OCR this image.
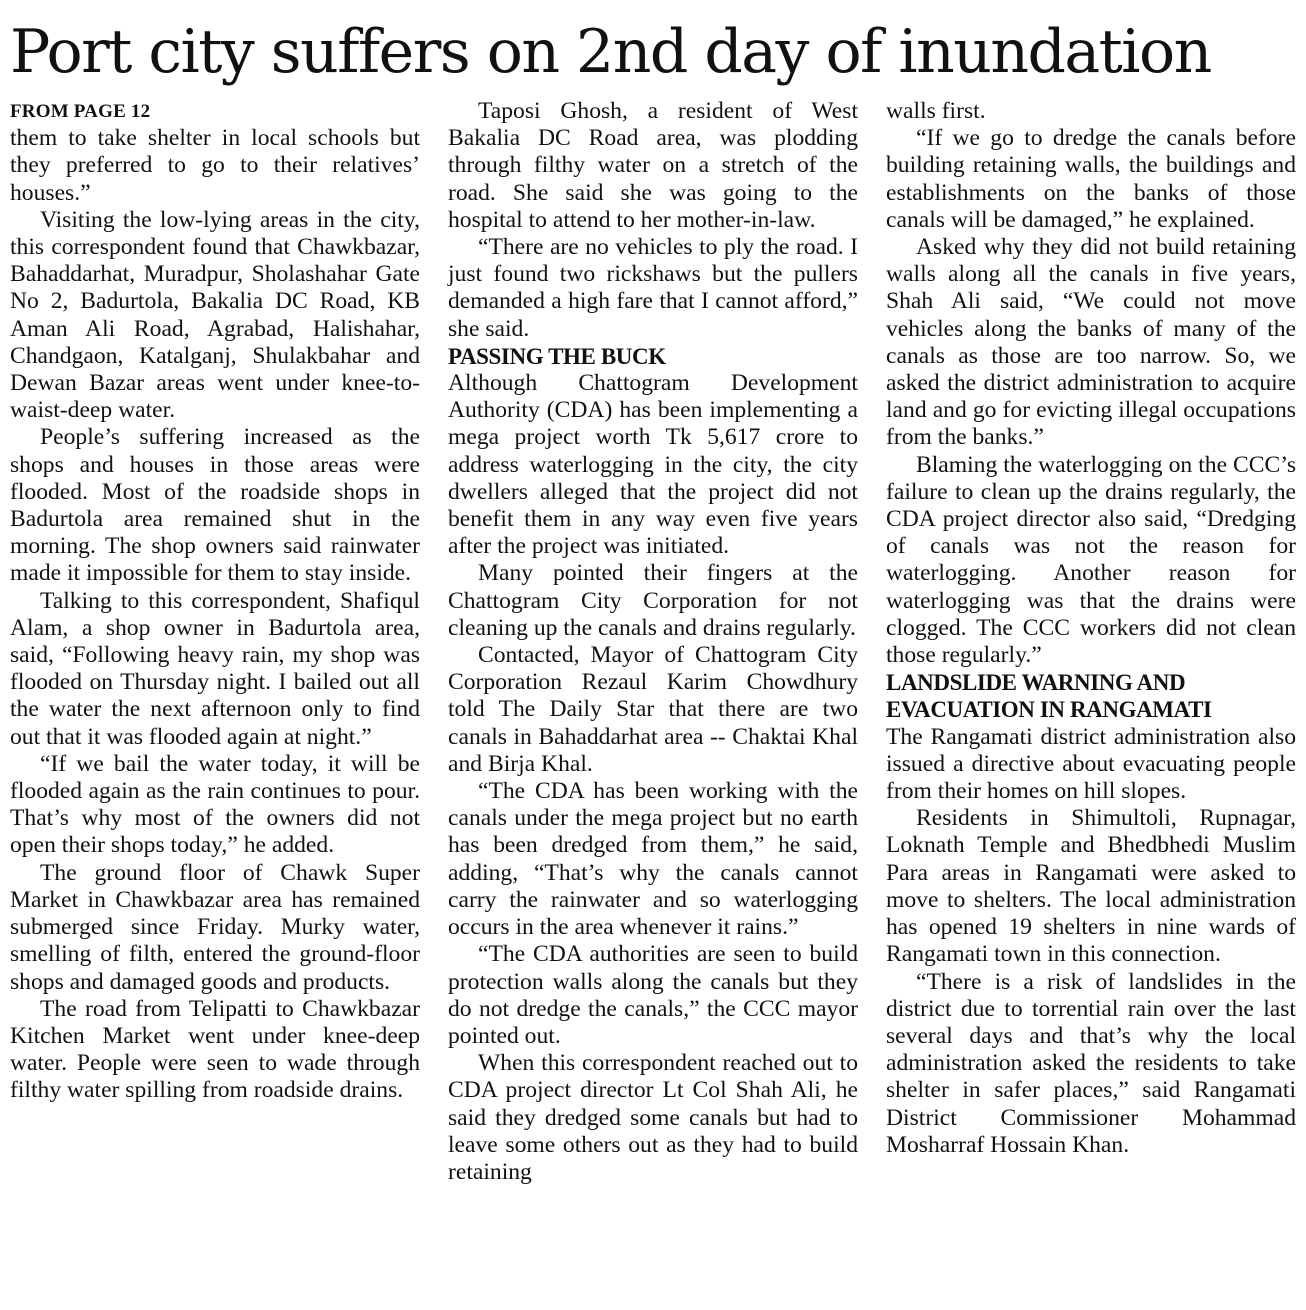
Port city suffers on 2nd day of inundation
FROM PAGE 12

them to take shelter in local schools but they preferred to go to their relatives’ houses.”

Visiting the low-lying areas in the city, this correspondent found that Chawkbazar, Bahaddarhat, Muradpur, Sholashahar Gate No 2, Badurtola, Bakalia DC Road, KB Aman Ali Road, Agrabad, Halishahar, Chandgaon, Katalganj, Shulakbahar and Dewan Bazar areas went under knee-to-waist-deep water.

People’s suffering increased as the shops and houses in those areas were flooded. Most of the roadside shops in Badurtola area remained shut in the morning. The shop owners said rainwater made it impossible for them to stay inside.

Talking to this correspondent, Shafiqul Alam, a shop owner in Badurtola area, said, “Following heavy rain, my shop was flooded on Thursday night. I bailed out all the water the next afternoon only to find out that it was flooded again at night.”

“If we bail the water today, it will be flooded again as the rain continues to pour. That’s why most of the owners did not open their shops today,” he added.

The ground floor of Chawk Super Market in Chawkbazar area has remained submerged since Friday. Murky water, smelling of filth, entered the ground-floor shops and damaged goods and products.

The road from Telipatti to Chawkbazar Kitchen Market went under knee-deep water. People were seen to wade through filthy water spilling from roadside drains.

Taposi Ghosh, a resident of West Bakalia DC Road area, was plodding through filthy water on a stretch of the road. She said she was going to the hospital to attend to her mother-in-law.

“There are no vehicles to ply the road. I just found two rickshaws but the pullers demanded a high fare that I cannot afford,” she said.

PASSING THE BUCK

Although Chattogram Development Authority (CDA) has been implementing a mega project worth Tk 5,617 crore to address waterlogging in the city, the city dwellers alleged that the project did not benefit them in any way even five years after the project was initiated.

Many pointed their fingers at the Chattogram City Corporation for not cleaning up the canals and drains regularly.

Contacted, Mayor of Chattogram City Corporation Rezaul Karim Chowdhury told The Daily Star that there are two canals in Bahaddarhat area -- Chaktai Khal and Birja Khal.

“The CDA has been working with the canals under the mega project but no earth has been dredged from them,” he said, adding, “That’s why the canals cannot carry the rainwater and so waterlogging occurs in the area whenever it rains.”

“The CDA authorities are seen to build protection walls along the canals but they do not dredge the canals,” the CCC mayor pointed out.

When this correspondent reached out to CDA project director Lt Col Shah Ali, he said they dredged some canals but had to leave some others out as they had to build retaining

walls first.

“If we go to dredge the canals before building retaining walls, the buildings and establishments on the banks of those canals will be damaged,” he explained.

Asked why they did not build retaining walls along all the canals in five years, Shah Ali said, “We could not move vehicles along the banks of many of the canals as those are too narrow. So, we asked the district administration to acquire land and go for evicting illegal occupations from the banks.”

Blaming the waterlogging on the CCC’s failure to clean up the drains regularly, the CDA project director also said, “Dredging of canals was not the reason for waterlogging. Another reason for waterlogging was that the drains were clogged. The CCC workers did not clean those regularly.”

LANDSLIDE WARNING AND EVACUATION IN RANGAMATI

The Rangamati district administration also issued a directive about evacuating people from their homes on hill slopes.

Residents in Shimultoli, Rupnagar, Loknath Temple and Bhedbhedi Muslim Para areas in Rangamati were asked to move to shelters. The local administration has opened 19 shelters in nine wards of Rangamati town in this connection.

“There is a risk of landslides in the district due to torrential rain over the last several days and that’s why the local administration asked the residents to take shelter in safer places,” said Rangamati District Commissioner Mohammad Mosharraf Hossain Khan.
